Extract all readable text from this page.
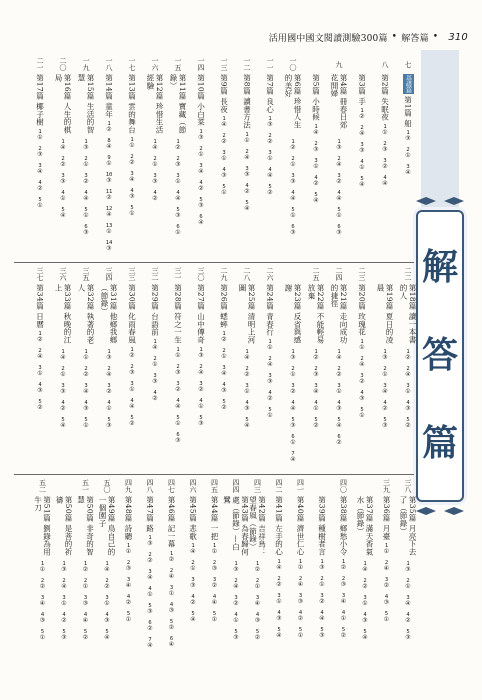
活用國中國文閱讀測驗300篇 • 解答篇 • 310
解
答
篇
七
基礎篇
第1篇 船
1
③
2
①
3
④
八
第2篇 失眠夜
1
①
2
③
3
②
4
④
第3篇 手
1
②
2
④
3
③
4
①
5
④
九
第4篇 冊春日郊花開婦
1
③
2
④
3
②
4
④
5
①
6
③
第5篇 小時候
1
④
2
③
3
①
4
②
5
④
一〇
第6篇 珍惜人生的美好
1
②
2
①
3
③
4
④
5
①
6
③
一一
第7篇 良心
1
③
2
②
3
①
4
④
5
②
一二
第8篇 讀書方法
1
①
2
④
3
③
4
②
5
④
一三
第9篇 長夜
1
④
2
②
3
①
4
③
5
①
一四
第10篇 小白菜
1
③
2
①
3
④
4
②
5
③
6
④
一五
第11篇 寶藏（節錄）
1
②
2
③
3
①
4
④
5
③
6
①
一六
第12篇 珍惜生活經驗
1
④
2
①
3
③
4
②
一七
第13篇 雲的舞台
1
①
2
②
3
④
4
③
5
①
一八
第14篇 童年
1
②
8
④
9
①
10
③
11
②
12
④
13
①
14
③
一九
第15篇 生活的智慧
1
③
2
①
3
②
4
④
5
①
6
③
二〇
第16篇 人生的棋局
1
④
2
②
3
③
4
①
5
④
二一
第17篇 椰子樹
1
①
2
③
3
④
4
②
5
①
二二
第18篇 讀一本書的人
1
②
2
④
3
①
4
③
5
②
第19篇 夏日的凌晨
1
③
2
①
3
④
4
②
5
③
二三
第20篇 玫瑰花
1
①
2
④
3
②
4
③
5
①
二四
第21篇 走向成功的捷徑
1
④
2
②
3
①
4
③
5
④
6
②
二五
第22篇 不能輕易放棄
1
②
2
③
3
④
4
①
5
②
第23篇 反省與感謝
1
③
2
①
3
②
4
④
5
③
6
①
7
④
二六
第24篇 青春行
1
①
2
④
3
③
4
②
5
①
二八
第25篇 清明上河圖
1
④
2
②
3
①
4
③
5
④
二九
第26篇 蟋蟀
1
②
2
①
3
④
4
③
5
②
三〇
第27篇 山中傳奇
1
③
2
④
3
②
4
①
5
③
三一
第28篇 符之一生
1
①
2
③
3
②
4
④
5
①
6
③
三二
第29篇 台語前
1
④
2
①
3
③
4
②
三三
第30篇 化雨春風
1
②
2
③
3
①
4
④
5
②
三四
第31篇 他鄉我鄉（節錄）
1
③
2
④
3
②
4
①
5
③
三五
第32篇 執著的老人
1
①
2
②
3
④
4
③
5
①
三六
第33篇 秋晚的江上
1
④
2
①
3
③
4
②
5
④
三七
第34篇 日曆
1
②
2
④
3
①
4
③
5
②
三八
第35篇 月亮下去了（節錄）
1
③
2
①
3
④
4
②
5
③
三九
第36篇 月臺
1
①
2
④
3
②
4
③
5
①
第37篇 滿天香氣水（節錄）
1
④
2
②
3
①
4
③
5
④
四〇
第38篇 鄉愁小令
1
②
2
③
3
④
4
①
5
②
第39篇 種樹者言
1
③
2
①
3
②
4
④
5
③
四一
第40篇 濟世仁心
1
①
2
④
3
③
4
②
5
①
四二
第41篇 左手的心
1
④
2
②
3
①
4
③
5
④
四三
第42篇 吉祥鳥：望春風（節錄）
1
②
2
①
3
④
4
③
5
②
四四
第43篇 為春歸何處（節錄）—白鷺
1
③
2
④
3
②
4
①
5
③
四五
第44篇 一把
1
①
2
③
3
②
4
④
5
①
四六
第45篇 悲歌
1
④
2
①
3
③
4
②
5
④
四七
第46篇 記一幕
1
②
2
④
3
①
4
③
5
②
6
④
四八
第47篇 路
1
③
2
②
3
④
4
①
5
③
6
②
7
④
四九
第48篇 詩聽
1
①
2
③
3
④
4
②
5
①
五〇
第49篇 鳥自己的一個園子
1
④
2
②
3
①
4
③
5
④
五一
第50篇 非奇的智慧
1
②
2
①
3
③
4
④
5
②
第50篇 是菩的祈禱
1
③
2
④
3
①
4
②
5
③
五二
第51篇 劉錄為用牛刀
1
①
2
②
3
④
4
③
5
①
